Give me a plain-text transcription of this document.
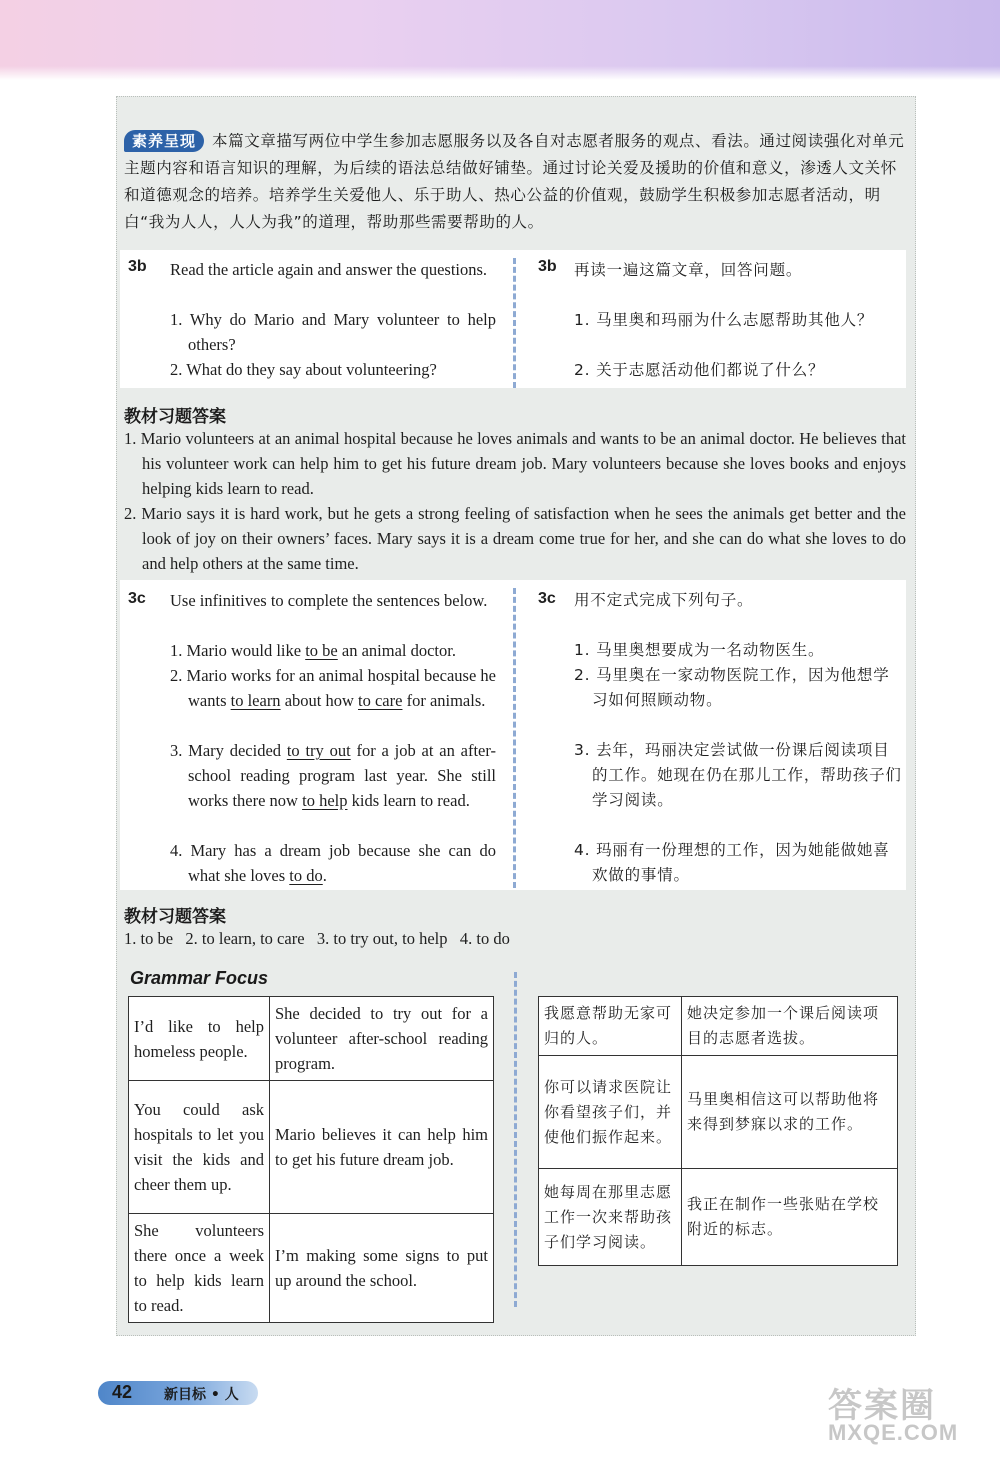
素养呈现 本篇文章描写两位中学生参加志愿服务以及各自对志愿者服务的观点、看法。通过阅读强化对单元主题内容和语言知识的理解，为后续的语法总结做好铺垫。通过讨论关爱及援助的价值和意义，渗透人文关怀和道德观念的培养。培养学生关爱他人、乐于助人、热心公益的价值观，鼓励学生积极参加志愿者活动，明白“我为人人，人人为我”的道理，帮助那些需要帮助的人。
3b Read the article again and answer the questions.
1. Why do Mario and Mary volunteer to help others?
2. What do they say about volunteering?
3b 再读一遍这篇文章，回答问题。
1. 马里奥和玛丽为什么志愿帮助其他人？
2. 关于志愿活动他们都说了什么？
教材习题答案
1. Mario volunteers at an animal hospital because he loves animals and wants to be an animal doctor. He believes that his volunteer work can help him to get his future dream job. Mary volunteers because she loves books and enjoys helping kids learn to read.
2. Mario says it is hard work, but he gets a strong feeling of satisfaction when he sees the animals get better and the look of joy on their owners’ faces. Mary says it is a dream come true for her, and she can do what she loves to do and help others at the same time.
3c Use infinitives to complete the sentences below.
1. Mario would like to be an animal doctor.
2. Mario works for an animal hospital because he wants to learn about how to care for animals.
3. Mary decided to try out for a job at an after-school reading program last year. She still works there now to help kids learn to read.
4. Mary has a dream job because she can do what she loves to do.
3c 用不定式完成下列句子。
1. 马里奥想要成为一名动物医生。
2. 马里奥在一家动物医院工作，因为他想学习如何照顾动物。
3. 去年，玛丽决定尝试做一份课后阅读项目的工作。她现在仍在那儿工作，帮助孩子们学习阅读。
4. 玛丽有一份理想的工作，因为她能做她喜欢做的事情。
教材习题答案
1. to be   2. to learn, to care   3. to try out, to help   4. to do
Grammar Focus
I’d like to help homeless people.	She decided to try out for a volunteer after-school reading program.
You could ask hospitals to let you visit the kids and cheer them up.	Mario believes it can help him to get his future dream job.
She volunteers there once a week to help kids learn to read.	I’m making some signs to put up around the school.
我愿意帮助无家可归的人。	她决定参加一个课后阅读项目的志愿者选拔。
你可以请求医院让你看望孩子们，并使他们振作起来。	马里奥相信这可以帮助他将来得到梦寐以求的工作。
她每周在那里志愿工作一次来帮助孩子们学习阅读。	我正在制作一些张贴在学校附近的标志。
42 新目标 • 人	答案圈
MXQE.COM
